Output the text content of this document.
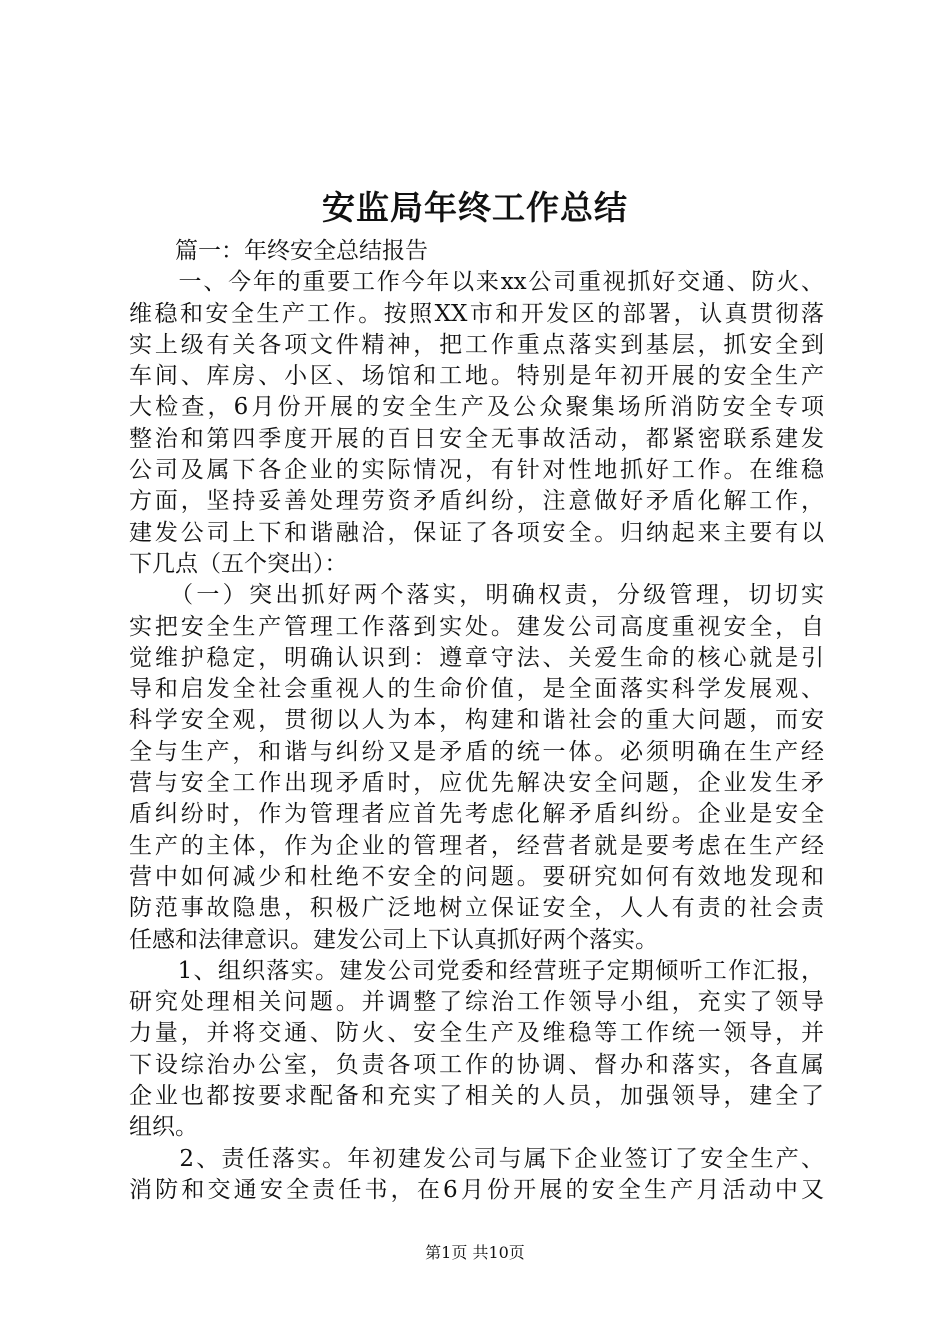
安监局年终工作总结
　　篇一：年终安全总结报告
　　一、今年的重要工作今年以来xx公司重视抓好交通、防火、
维稳和安全生产工作。按照XX市和开发区的部署，认真贯彻落
实上级有关各项文件精神，把工作重点落实到基层，抓安全到
车间、库房、小区、场馆和工地。特别是年初开展的安全生产
大检查，6月份开展的安全生产及公众聚集场所消防安全专项
整治和第四季度开展的百日安全无事故活动，都紧密联系建发
公司及属下各企业的实际情况，有针对性地抓好工作。在维稳
方面，坚持妥善处理劳资矛盾纠纷，注意做好矛盾化解工作，
建发公司上下和谐融洽，保证了各项安全。归纳起来主要有以
下几点（五个突出）：
　　（一）突出抓好两个落实，明确权责，分级管理，切切实
实把安全生产管理工作落到实处。建发公司高度重视安全，自
觉维护稳定，明确认识到：遵章守法、关爱生命的核心就是引
导和启发全社会重视人的生命价值，是全面落实科学发展观、
科学安全观，贯彻以人为本，构建和谐社会的重大问题，而安
全与生产，和谐与纠纷又是矛盾的统一体。必须明确在生产经
营与安全工作出现矛盾时，应优先解决安全问题，企业发生矛
盾纠纷时，作为管理者应首先考虑化解矛盾纠纷。企业是安全
生产的主体，作为企业的管理者，经营者就是要考虑在生产经
营中如何减少和杜绝不安全的问题。要研究如何有效地发现和
防范事故隐患，积极广泛地树立保证安全，人人有责的社会责
任感和法律意识。建发公司上下认真抓好两个落实。
　　1、组织落实。建发公司党委和经营班子定期倾听工作汇报，
研究处理相关问题。并调整了综治工作领导小组，充实了领导
力量，并将交通、防火、安全生产及维稳等工作统一领导，并
下设综治办公室，负责各项工作的协调、督办和落实，各直属
企业也都按要求配备和充实了相关的人员，加强领导，建全了
组织。
　　2、责任落实。年初建发公司与属下企业签订了安全生产、
消防和交通安全责任书，在6月份开展的安全生产月活动中又
第1页 共10页
